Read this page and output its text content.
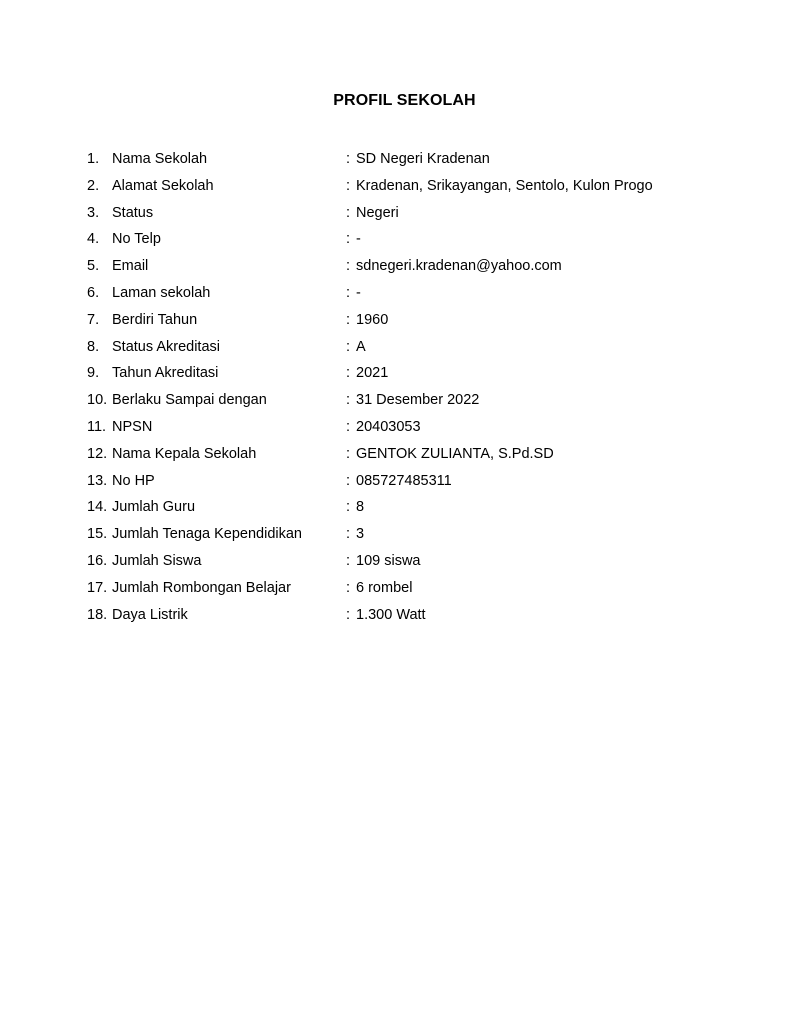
PROFIL SEKOLAH
1. Nama Sekolah	: SD Negeri Kradenan
2. Alamat Sekolah	: Kradenan, Srikayangan, Sentolo, Kulon Progo
3. Status	: Negeri
4. No Telp	: -
5. Email	: sdnegeri.kradenan@yahoo.com
6. Laman sekolah	: -
7. Berdiri Tahun	: 1960
8. Status Akreditasi	: A
9. Tahun Akreditasi	: 2021
10. Berlaku Sampai dengan	: 31 Desember 2022
11. NPSN	: 20403053
12. Nama Kepala Sekolah	: GENTOK ZULIANTA, S.Pd.SD
13. No HP	: 085727485311
14. Jumlah Guru	: 8
15. Jumlah Tenaga Kependidikan	: 3
16. Jumlah Siswa	: 109 siswa
17. Jumlah Rombongan Belajar	: 6 rombel
18. Daya Listrik	: 1.300 Watt
